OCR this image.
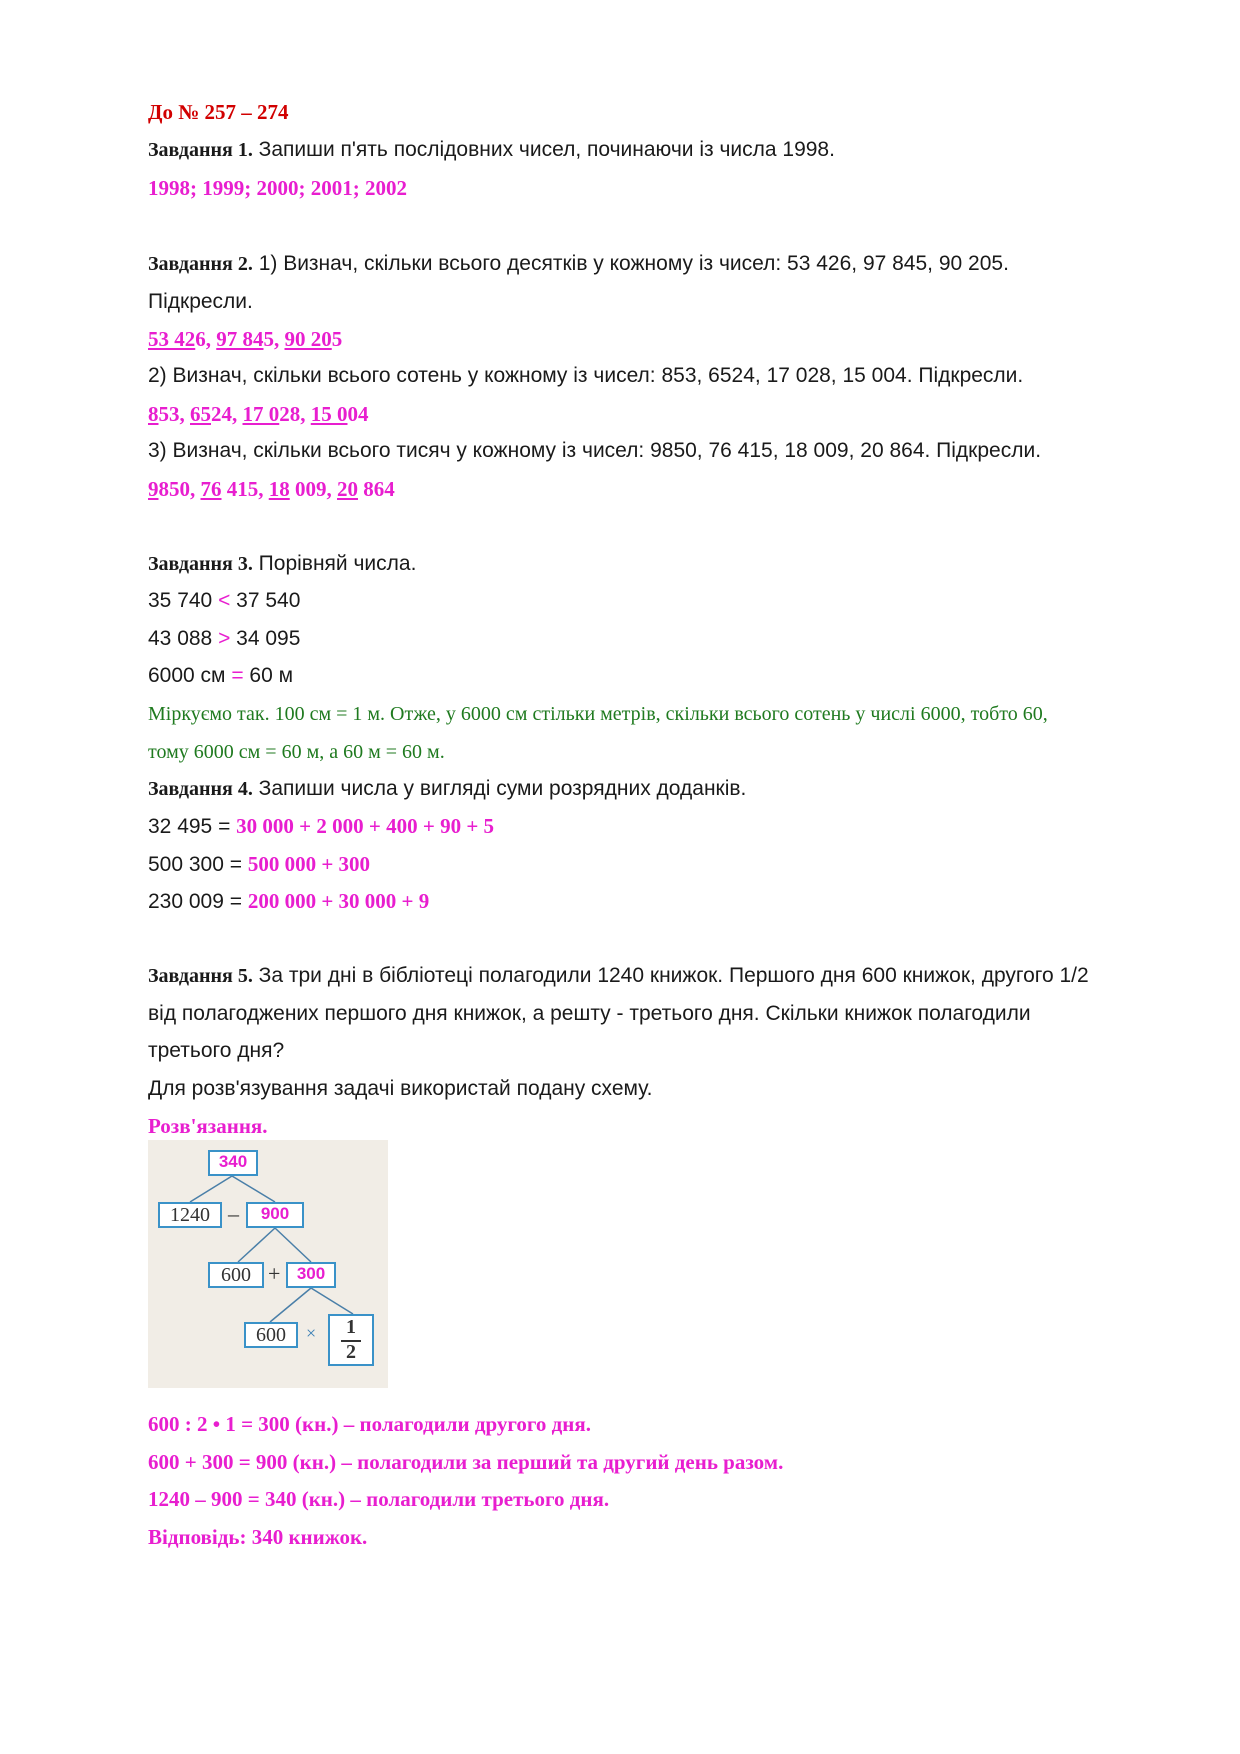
До № 257 – 274
Завдання 1. Запиши п'ять послідовних чисел, починаючи із числа 1998.
1998; 1999; 2000; 2001; 2002
Завдання 2. 1) Визнач, скільки всього десятків у кожному із чисел: 53 426, 97 845, 90 205.
Підкресли.
53 426, 97 845, 90 205
2) Визнач, скільки всього сотень у кожному із чисел: 853, 6524, 17 028, 15 004. Підкресли.
853, 6524, 17 028, 15 004
3) Визнач, скільки всього тисяч у кожному із чисел: 9850, 76 415, 18 009, 20 864. Підкресли.
9850, 76 415, 18 009, 20 864
Завдання 3. Порівняй числа.
35 740 < 37 540
43 088 > 34 095
6000 см = 60 м
Міркуємо так. 100 см = 1 м. Отже, у 6000 см стільки метрів, скільки всього сотень у числі 6000, тобто 60,
тому 6000 см = 60 м, а 60 м = 60 м.
Завдання 4. Запиши числа у вигляді суми розрядних доданків.
32 495 = 30 000 + 2 000 + 400 + 90 + 5
500 300 = 500 000 + 300
230 009 = 200 000 + 30 000 + 9
Завдання 5. За три дні в бібліотеці полагодили 1240 книжок. Першого дня 600 книжок, другого 1/2
від полагоджених першого дня книжок, а решту - третього дня. Скільки книжок полагодили
третього дня?
Для розв'язування задачі використай подану схему.
Розв'язання.
340
1240 –	900
600 + 300
600	×	1
2
600 : 2 • 1 = 300 (кн.) – полагодили другого дня.
600 + 300 = 900 (кн.) – полагодили за перший та другий день разом.
1240 – 900 = 340 (кн.) – полагодили третього дня.
Відповідь: 340 книжок.
